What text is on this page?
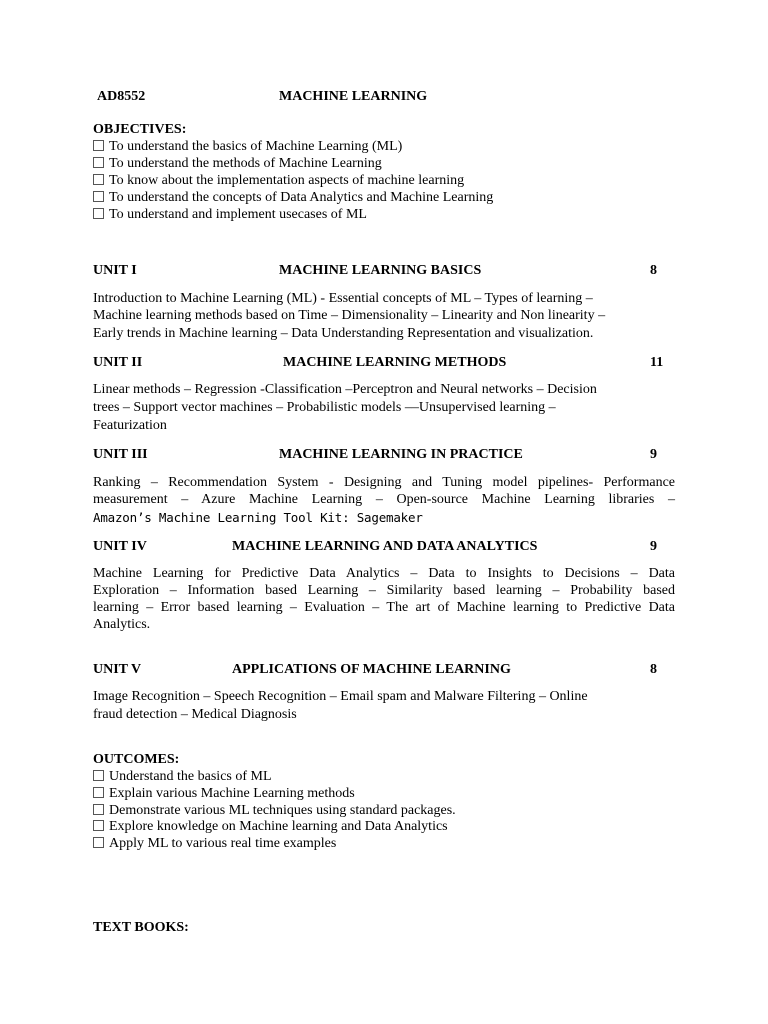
AD8552	MACHINE LEARNING
OBJECTIVES:
To understand the basics of Machine Learning (ML)
To understand the methods of Machine Learning
To know about the implementation aspects of machine learning
To understand the concepts of Data Analytics and Machine Learning
To understand and implement usecases of ML
UNIT I	MACHINE LEARNING BASICS	8
Introduction to Machine Learning (ML) - Essential concepts of ML – Types of learning –
Machine learning methods based on Time – Dimensionality – Linearity and Non linearity –
Early trends in Machine learning – Data Understanding Representation and visualization.
UNIT II	MACHINE LEARNING METHODS	11
Linear methods – Regression -Classification –Perceptron and Neural networks – Decision
trees – Support vector machines – Probabilistic models ––Unsupervised learning –
Featurization
UNIT III	MACHINE LEARNING IN PRACTICE	9
Ranking – Recommendation System - Designing and Tuning model pipelines- Performance
measurement – Azure Machine Learning – Open-source Machine Learning libraries –
Amazon’s Machine Learning Tool Kit: Sagemaker
UNIT IV	MACHINE LEARNING AND DATA ANALYTICS	9
Machine Learning for Predictive Data Analytics – Data to Insights to Decisions – Data
Exploration – Information based Learning – Similarity based learning – Probability based
learning – Error based learning – Evaluation – The art of Machine learning to Predictive Data
Analytics.
UNIT V	APPLICATIONS OF MACHINE LEARNING	8
Image Recognition – Speech Recognition – Email spam and Malware Filtering – Online
fraud detection – Medical Diagnosis
OUTCOMES:
Understand the basics of ML
Explain various Machine Learning methods
Demonstrate various ML techniques using standard packages.
Explore knowledge on Machine learning and Data Analytics
Apply ML to various real time examples
TEXT BOOKS:
